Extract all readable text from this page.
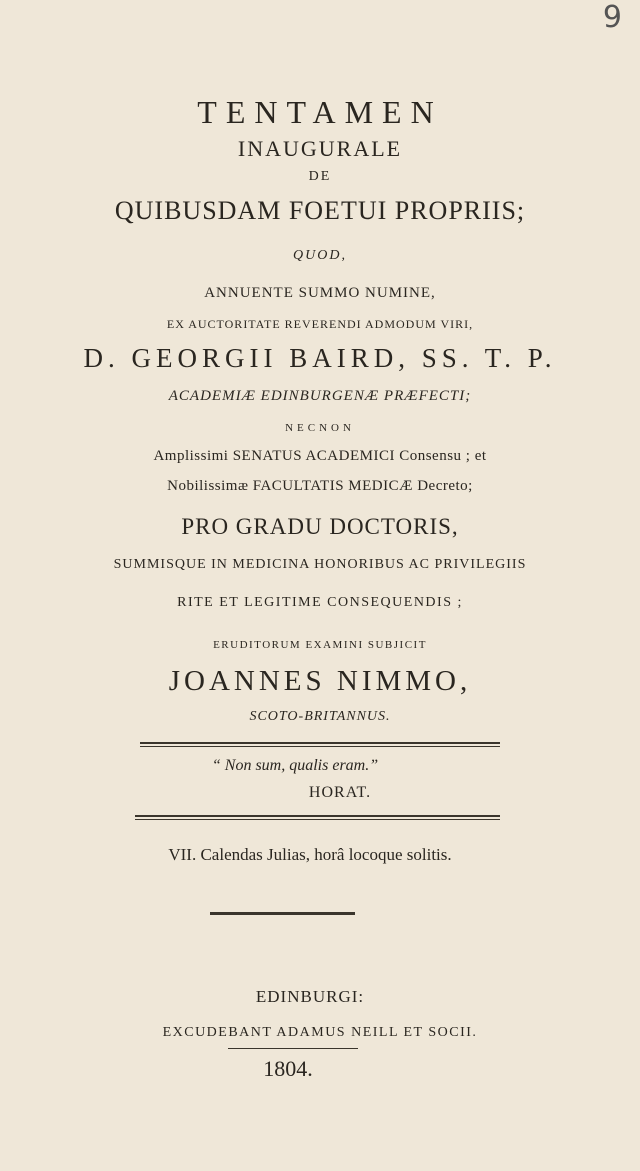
9
TENTAMEN
INAUGURALE
DE
QUIBUSDAM FOETUI PROPRIIS;
QUOD,
ANNUENTE SUMMO NUMINE,
EX AUCTORITATE REVERENDI ADMODUM VIRI,
D. GEORGII BAIRD, SS. T. P.
ACADEMIÆ EDINBURGENÆ PRÆFECTI;
NECNON
Amplissimi SENATUS ACADEMICI Consensu ; et
Nobilissimæ FACULTATIS MEDICÆ Decreto;
PRO GRADU DOCTORIS,
SUMMISQUE IN MEDICINA HONORIBUS AC PRIVILEGIIS
RITE ET LEGITIME CONSEQUENDIS ;
ERUDITORUM EXAMINI SUBJICIT
JOANNES NIMMO,
SCOTO-BRITANNUS.
“ Non sum, qualis eram.”
HORAT.
VII. Calendas Julias, horâ locoque solitis.
EDINBURGI:
EXCUDEBANT ADAMUS NEILL ET SOCII.
1804.
